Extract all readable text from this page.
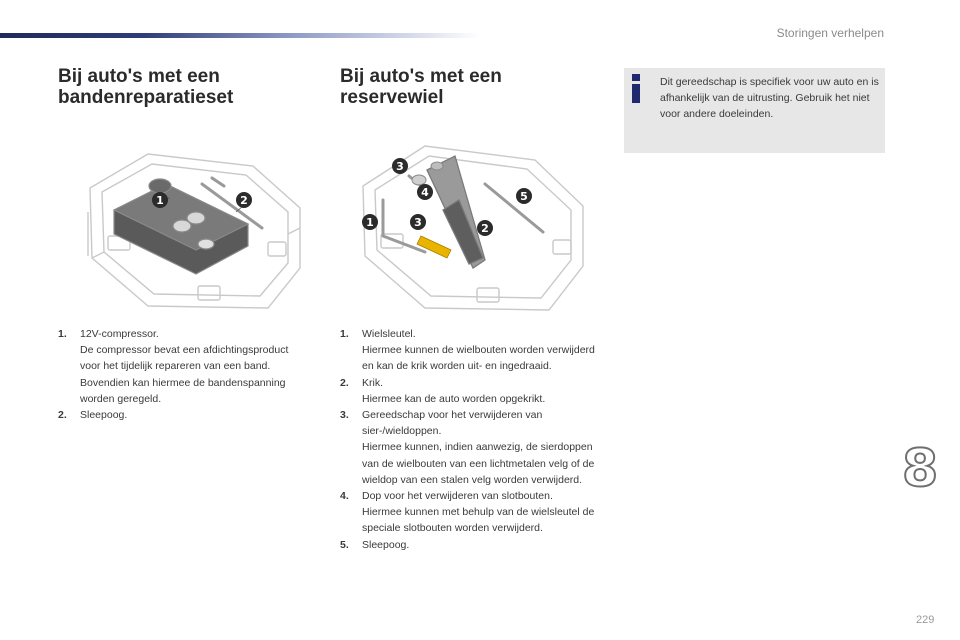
Storingen verhelpen
Bij auto's met een bandenreparatieset
Bij auto's met een reservewiel
Dit gereedschap is specifiek voor uw auto en is afhankelijk van de uitrusting. Gebruik het niet voor andere doeleinden.
1	2
3
4
1	3	2
5
1. 12V-compressor.
De compressor bevat een afdichtingsproduct voor het tijdelijk repareren van een band. Bovendien kan hiermee de bandenspanning worden geregeld.
2. Sleepoog.
1. Wielsleutel.
Hiermee kunnen de wielbouten worden verwijderd en kan de krik worden uit- en ingedraaid.
2. Krik.
Hiermee kan de auto worden opgekrikt.
3. Gereedschap voor het verwijderen van sier-/wieldoppen.
Hiermee kunnen, indien aanwezig, de sierdoppen van de wielbouten van een lichtmetalen velg of de wieldop van een stalen velg worden verwijderd.
4. Dop voor het verwijderen van slotbouten.
Hiermee kunnen met behulp van de wielsleutel de speciale slotbouten worden verwijderd.
5. Sleepoog.
8
229
